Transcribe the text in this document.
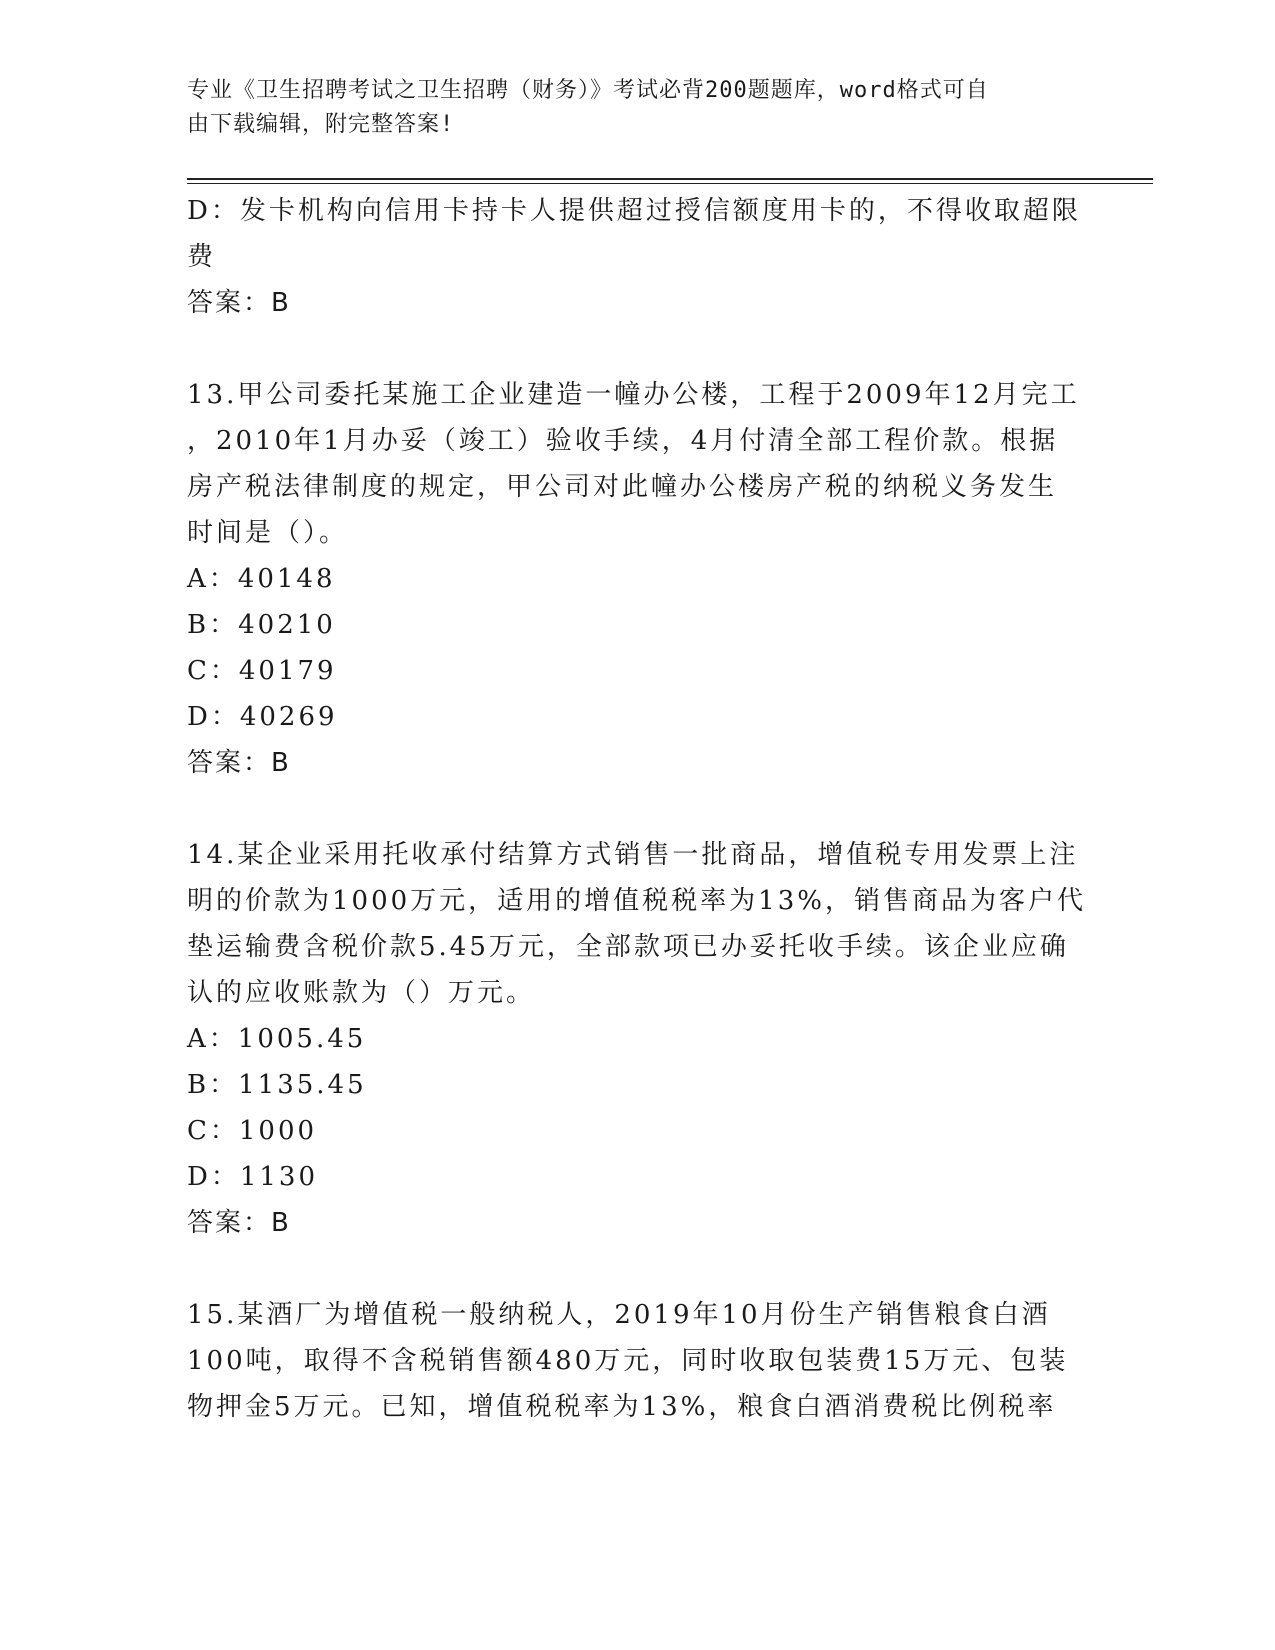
专业《卫生招聘考试之卫生招聘（财务）》考试必背200题题库，word格式可自
由下载编辑，附完整答案!
D：发卡机构向信用卡持卡人提供超过授信额度用卡的，不得收取超限
费
答案：B
13.甲公司委托某施工企业建造一幢办公楼，工程于2009年12月完工
，2010年1月办妥（竣工）验收手续，4月付清全部工程价款。根据
房产税法律制度的规定，甲公司对此幢办公楼房产税的纳税义务发生
时间是（）。
A：40148
B：40210
C：40179
D：40269
答案：B
14.某企业采用托收承付结算方式销售一批商品，增值税专用发票上注
明的价款为1000万元，适用的增值税税率为13%，销售商品为客户代
垫运输费含税价款5.45万元，全部款项已办妥托收手续。该企业应确
认的应收账款为（）万元。
A：1005.45
B：1135.45
C：1000
D：1130
答案：B
15.某酒厂为增值税一般纳税人，2019年10月份生产销售粮食白酒
100吨，取得不含税销售额480万元，同时收取包装费15万元、包装
物押金5万元。已知，增值税税率为13%，粮食白酒消费税比例税率
